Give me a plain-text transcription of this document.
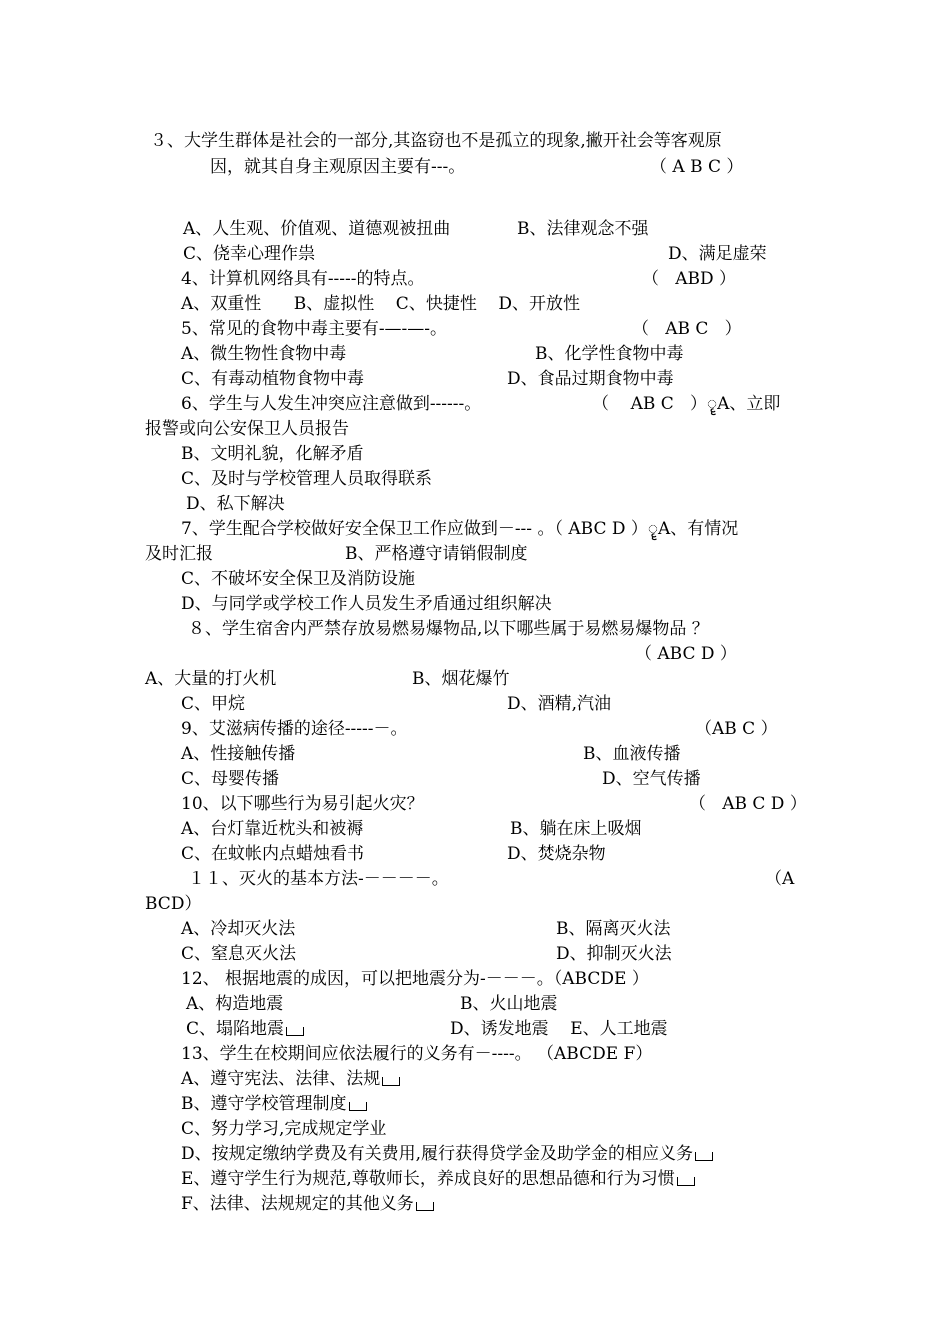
３、大学生群体是社会的一部分,其盗窃也不是孤立的现象,撇开社会等客观原
因，就其自身主观原因主要有---。	（ A B C ）
A、人生观、价值观、道德观被扭曲	B、法律观念不强
C、侥幸心理作祟	D、满足虚荣
4、计算机网络具有-----的特点。	（   ABD ）
A、双重性      B、虚拟性    C、快捷性    D、开放性
5、常见的食物中毒主要有-—-—-。	（   AB C   ）
A、微生物性食物中毒	B、化学性食物中毒
C、有毒动植物食物中毒	D、食品过期食物中毒
6、学生与人发生冲突应注意做到------。	（    AB C   ）ॄA、立即
报警或向公安保卫人员报告
B、文明礼貌，化解矛盾
C、及时与学校管理人员取得联系
D、私下解决
7、学生配合学校做好安全保卫工作应做到－--- 。（ ABC D ）ॄA、有情况
及时汇报	B、严格遵守请销假制度
C、不破坏安全保卫及消防设施
D、与同学或学校工作人员发生矛盾通过组织解决
８、学生宿舍内严禁存放易燃易爆物品,以下哪些属于易燃易爆物品 ？
（ ABC D ）
A、大量的打火机	B、烟花爆竹
C、甲烷	D、酒精,汽油
9、艾滋病传播的途径-----－。	（AB C ）
A、性接触传播	B、血液传播
C、母婴传播	D、空气传播
10、以下哪些行为易引起火灾？	（   AB C D ）
A、台灯靠近枕头和被褥	B、躺在床上吸烟
C、在蚊帐内点蜡烛看书	D、焚烧杂物
１１、灭火的基本方法-－－－－。	（A
BCD）
A、冷却灭火法	B、隔离灭火法
C、窒息灭火法	D、抑制灭火法
12、 根据地震的成因，可以把地震分为-－－－。（ABCDE ）
A、构造地震	B、火山地震
C、塌陷地震	D、诱发地震    E、人工地震
13、学生在校期间应依法履行的义务有－----。 （ABCDE F）
A、遵守宪法、法律、法规
B、遵守学校管理制度
C、努力学习,完成规定学业
D、按规定缴纳学费及有关费用,履行获得贷学金及助学金的相应义务
E、遵守学生行为规范,尊敬师长，养成良好的思想品德和行为习惯
F、法律、法规规定的其他义务
